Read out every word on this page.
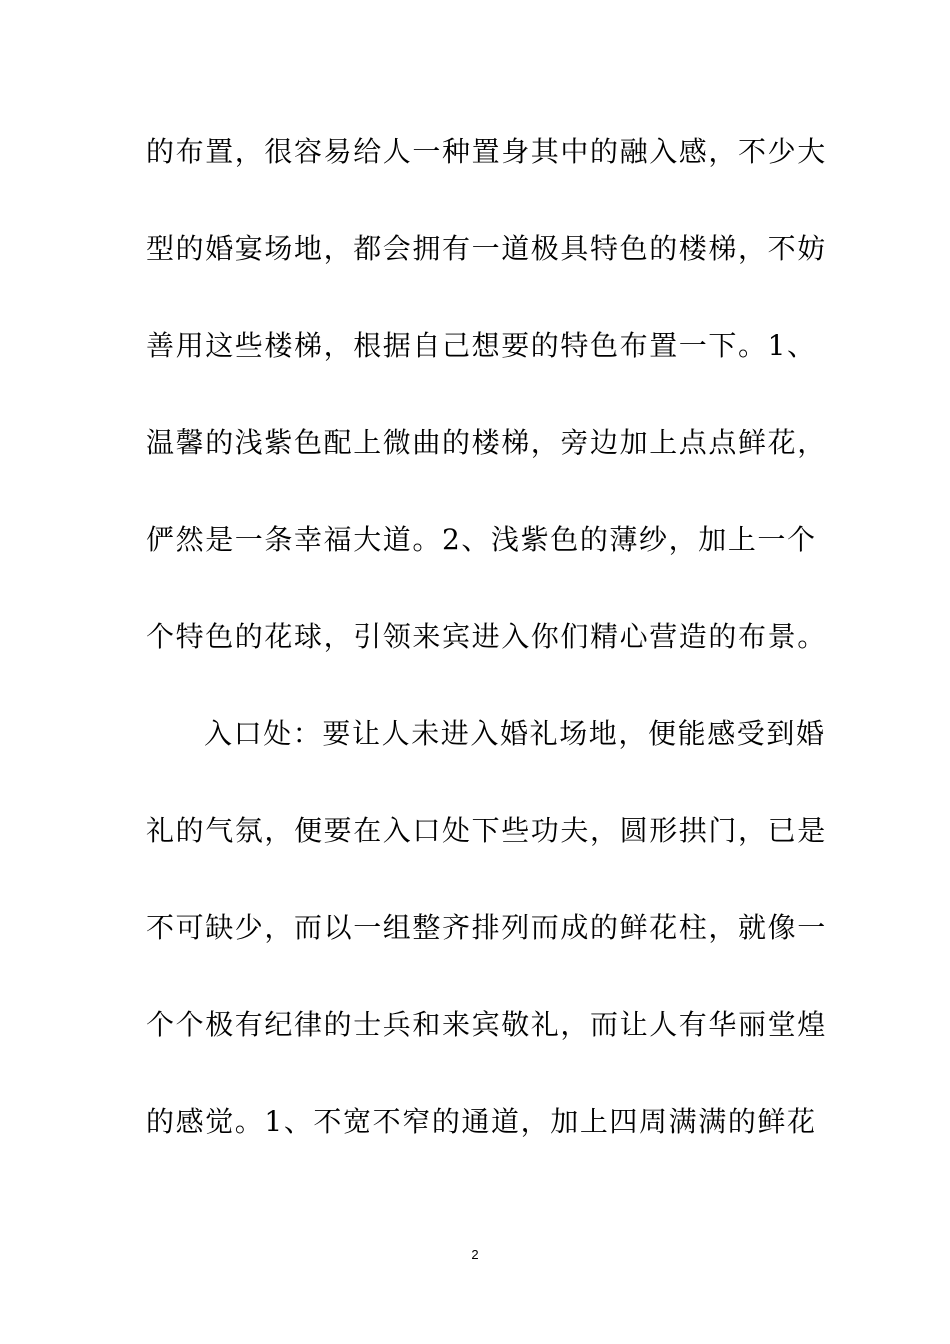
的布置，很容易给人一种置身其中的融入感，不少大
型的婚宴场地，都会拥有一道极具特色的楼梯，不妨
善用这些楼梯，根据自己想要的特色布置一下。1、
温馨的浅紫色配上微曲的楼梯，旁边加上点点鲜花，
俨然是一条幸福大道。2、浅紫色的薄纱，加上一个
个特色的花球，引领来宾进入你们精心营造的布景。
入口处：要让人未进入婚礼场地，便能感受到婚
礼的气氛，便要在入口处下些功夫，圆形拱门，已是
不可缺少，而以一组整齐排列而成的鲜花柱，就像一
个个极有纪律的士兵和来宾敬礼，而让人有华丽堂煌
的感觉。1、不宽不窄的通道，加上四周满满的鲜花
2
